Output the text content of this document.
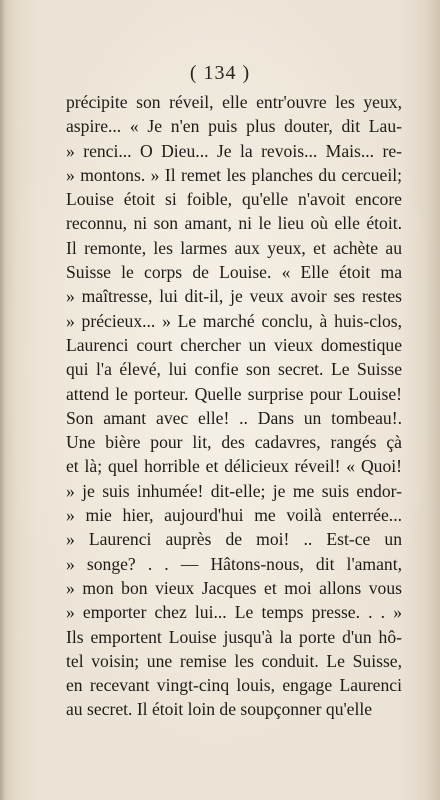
( 134 )
précipite son réveil, elle entr'ouvre les yeux,
aspire... « Je n'en puis plus douter, dit Lau-
» renci... O Dieu... Je la revois... Mais... re-
» montons. » Il remet les planches du cercueil;
Louise étoit si foible, qu'elle n'avoit encore
reconnu, ni son amant, ni le lieu où elle étoit.
Il remonte, les larmes aux yeux, et achète au
Suisse le corps de Louise. « Elle étoit ma
» maîtresse, lui dit-il, je veux avoir ses restes
» précieux... » Le marché conclu, à huis-clos,
Laurenci court chercher un vieux domestique
qui l'a élevé, lui confie son secret. Le Suisse
attend le porteur. Quelle surprise pour Louise!
Son amant avec elle! .. Dans un tombeau!.
Une bière pour lit, des cadavres, rangés çà
et là; quel horrible et délicieux réveil! « Quoi!
» je suis inhumée! dit-elle; je me suis endor-
» mie hier, aujourd'hui me voilà enterrée...
» Laurenci auprès de moi! .. Est-ce un
» songe? . . — Hâtons-nous, dit l'amant,
» mon bon vieux Jacques et moi allons vous
» emporter chez lui... Le temps presse. . . »
Ils emportent Louise jusqu'à la porte d'un hô-
tel voisin; une remise les conduit. Le Suisse,
en recevant vingt-cinq louis, engage Laurenci
au secret. Il étoit loin de soupçonner qu'elle
